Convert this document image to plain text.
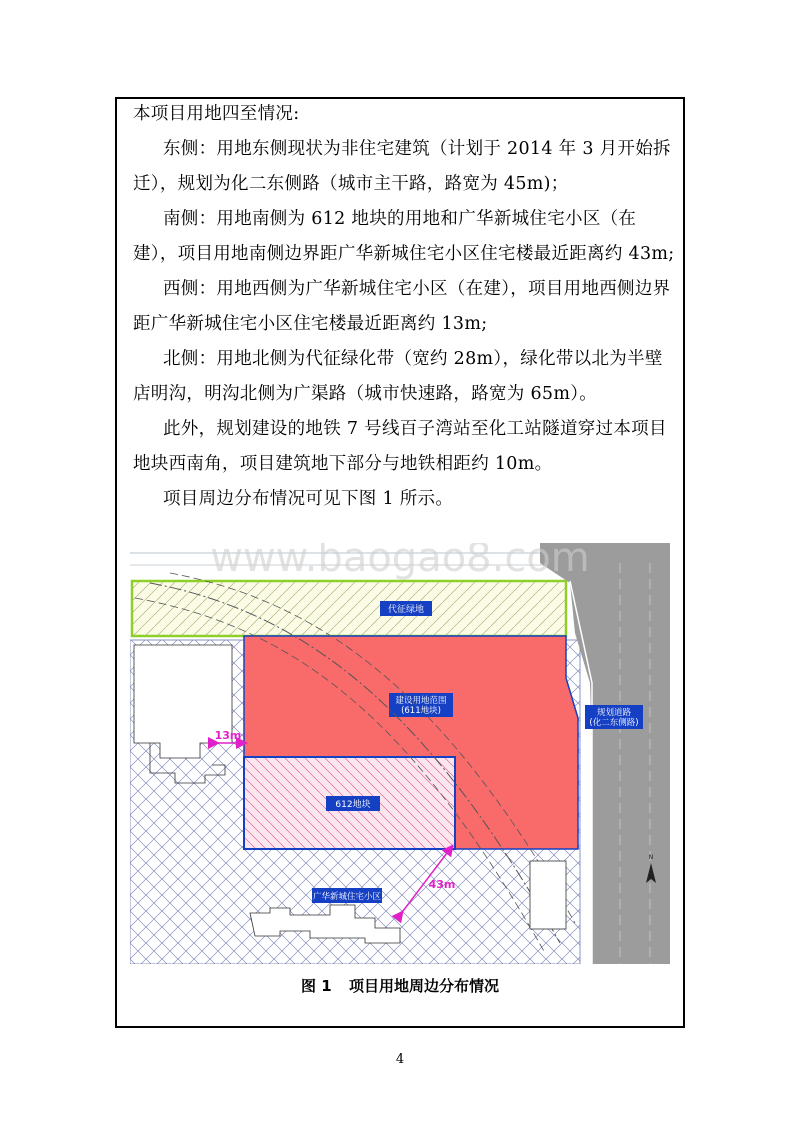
本项目用地四至情况:

东侧：用地东侧现状为非住宅建筑（计划于 2014 年 3 月开始拆迁），规划为化二东侧路（城市主干路，路宽为 45m)；

南侧：用地南侧为 612 地块的用地和广华新城住宅小区（在建），项目用地南侧边界距广华新城住宅小区住宅楼最近距离约 43m;

西侧：用地西侧为广华新城住宅小区（在建），项目用地西侧边界距广华新城住宅小区住宅楼最近距离约 13m;

北侧：用地北侧为代征绿化带（宽约 28m），绿化带以北为半壁店明沟，明沟北侧为广渠路（城市快速路，路宽为 65m）。

此外，规划建设的地铁 7 号线百子湾站至化工站隧道穿过本项目地块西南角，项目建筑地下部分与地铁相距约 10m。

项目周边分布情况可见下图 1 所示。

代征绿地
规划道路
(化二东侧路)
建设用地范围
(611地块)
612地块
广华新城住宅小区
13m
43m
N
www.baogao8.com
图 1 项目用地周边分布情况
4
